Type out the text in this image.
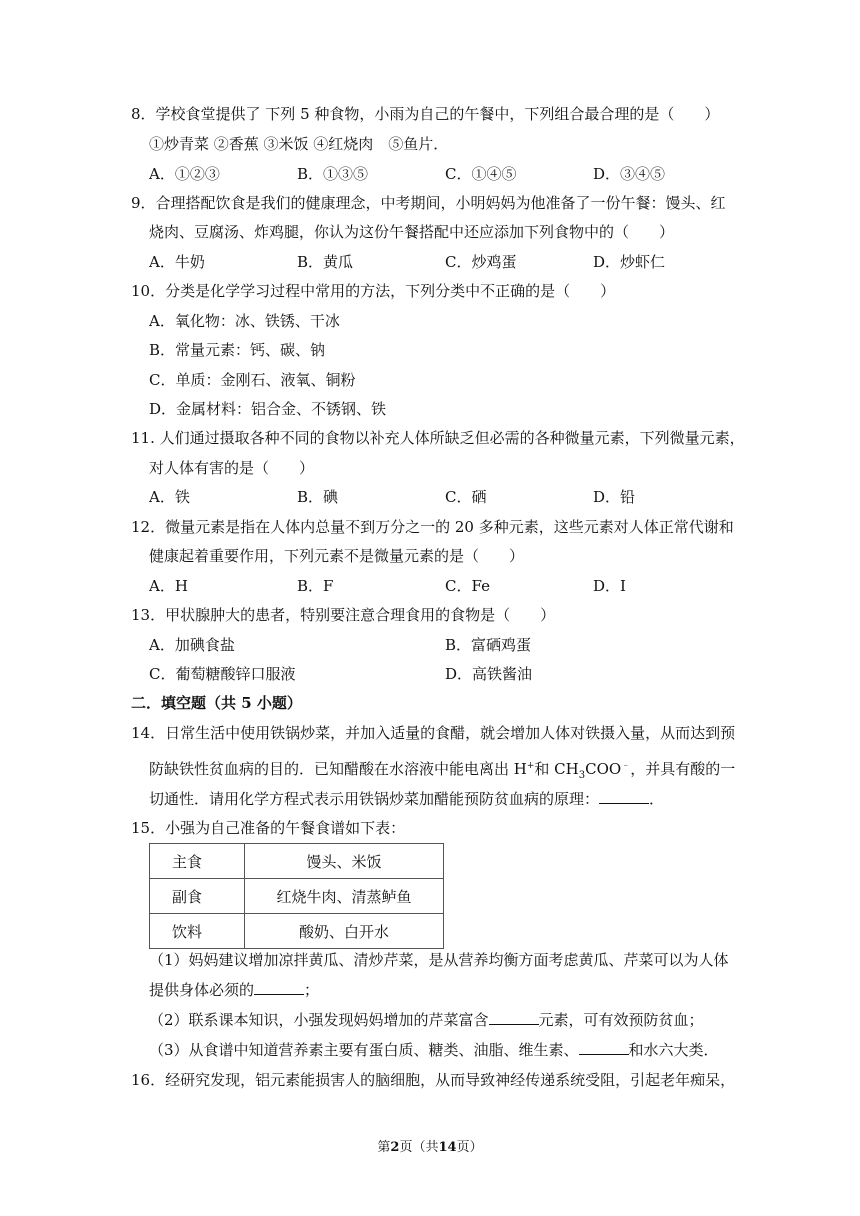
8．学校食堂提供了 下列 5 种食物，小雨为自己的午餐中，下列组合最合理的是（　　）
①炒青菜 ②香蕉 ③米饭 ④红烧肉　⑤鱼片．
A．①②③	B．①③⑤	C．①④⑤	D．③④⑤
9．合理搭配饮食是我们的健康理念，中考期间，小明妈妈为他准备了一份午餐：馒头、红
烧肉、豆腐汤、炸鸡腿，你认为这份午餐搭配中还应添加下列食物中的（　　）
A．牛奶	B．黄瓜	C．炒鸡蛋	D．炒虾仁
10．分类是化学学习过程中常用的方法，下列分类中不正确的是（　　）
A．氧化物：冰、铁锈、干冰
B．常量元素：钙、碳、钠
C．单质：金刚石、液氧、铜粉
D．金属材料：铝合金、不锈钢、铁
11. 人们通过摄取各种不同的食物以补充人体所缺乏但必需的各种微量元素，下列微量元素，
对人体有害的是（　　）
A．铁	B．碘	C．硒	D．铅
12．微量元素是指在人体内总量不到万分之一的 20 多种元素，这些元素对人体正常代谢和
健康起着重要作用，下列元素不是微量元素的是（　　）
A．H	B．F	C．Fe	D．I
13．甲状腺肿大的患者，特别要注意合理食用的食物是（　　）
A．加碘食盐	B．富硒鸡蛋
C．葡萄糖酸锌口服液	D．高铁酱油
二．填空题（共 5 小题）
14．日常生活中使用铁锅炒菜，并加入适量的食醋，就会增加人体对铁摄入量，从而达到预
防缺铁性贫血病的目的．已知醋酸在水溶液中能电离出 H+和 $CH_3COO^﹣$，并具有酸的一
切通性．请用化学方程式表示用铁锅炒菜加醋能预防贫血病的原理：	．
15．小强为自己准备的午餐食谱如下表：
主食	馒头、米饭
副食	红烧牛肉、清蒸鲈鱼
饮料	酸奶、白开水
（1）妈妈建议增加凉拌黄瓜、清炒芹菜，是从营养均衡方面考虑黄瓜、芹菜可以为人体
提供身体必须的	；
（2）联系课本知识，小强发现妈妈增加的芹菜富含	元素，可有效预防贫血；
（3）从食谱中知道营养素主要有蛋白质、糖类、油脂、维生素、	和水六大类．
16．经研究发现，铝元素能损害人的脑细胞，从而导致神经传递系统受阻，引起老年痴呆，
第2页（共14页）
